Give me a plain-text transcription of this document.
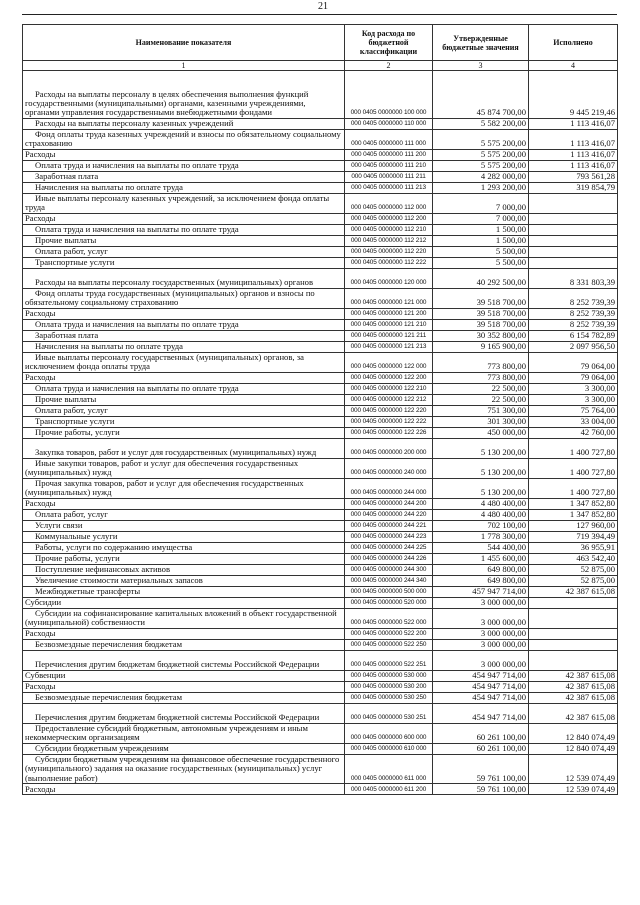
21
Наименование показателя	Код расхода по бюджетной классификации	Утвержденные бюджетные значения	Исполнено
1	2	3	4
Расходы на выплаты персоналу в целях обеспечения выполнения функций государственными (муниципальными) органами, казенными учреждениями, органами управления государственными внебюджетными фондами	000 0405 0000000 100 000	45 874 700,00	9 445 219,46
Расходы на выплаты персоналу казенных учреждений	000 0405 0000000 110 000	5 582 200,00	1 113 416,07
Фонд оплаты труда казенных учреждений и взносы по обязательному социальному страхованию	000 0405 0000000 111 000	5 575 200,00	1 113 416,07
Расходы	000 0405 0000000 111 200	5 575 200,00	1 113 416,07
Оплата труда и начисления на выплаты по оплате труда	000 0405 0000000 111 210	5 575 200,00	1 113 416,07
Заработная плата	000 0405 0000000 111 211	4 282 000,00	793 561,28
Начисления на выплаты по оплате труда	000 0405 0000000 111 213	1 293 200,00	319 854,79
Иные выплаты персоналу казенных учреждений, за исключением фонда оплаты труда	000 0405 0000000 112 000	7 000,00	
Расходы	000 0405 0000000 112 200	7 000,00	
Оплата труда и начисления на выплаты по оплате труда	000 0405 0000000 112 210	1 500,00	
Прочие выплаты	000 0405 0000000 112 212	1 500,00	
Оплата работ, услуг	000 0405 0000000 112 220	5 500,00	
Транспортные услуги	000 0405 0000000 112 222	5 500,00	
Расходы на выплаты персоналу государственных (муниципальных) органов	000 0405 0000000 120 000	40 292 500,00	8 331 803,39
Фонд оплаты труда государственных (муниципальных) органов и взносы по обязательному социальному страхованию	000 0405 0000000 121 000	39 518 700,00	8 252 739,39
Расходы	000 0405 0000000 121 200	39 518 700,00	8 252 739,39
Оплата труда и начисления на выплаты по оплате труда	000 0405 0000000 121 210	39 518 700,00	8 252 739,39
Заработная плата	000 0405 0000000 121 211	30 352 800,00	6 154 782,89
Начисления на выплаты по оплате труда	000 0405 0000000 121 213	9 165 900,00	2 097 956,50
Иные выплаты персоналу государственных (муниципальных) органов, за исключением фонда оплаты труда	000 0405 0000000 122 000	773 800,00	79 064,00
Расходы	000 0405 0000000 122 200	773 800,00	79 064,00
Оплата труда и начисления на выплаты по оплате труда	000 0405 0000000 122 210	22 500,00	3 300,00
Прочие выплаты	000 0405 0000000 122 212	22 500,00	3 300,00
Оплата работ, услуг	000 0405 0000000 122 220	751 300,00	75 764,00
Транспортные услуги	000 0405 0000000 122 222	301 300,00	33 004,00
Прочие работы, услуги	000 0405 0000000 122 226	450 000,00	42 760,00
Закупка товаров, работ и услуг для государственных (муниципальных) нужд	000 0405 0000000 200 000	5 130 200,00	1 400 727,80
Иные закупки товаров, работ и услуг для обеспечения государственных (муниципальных) нужд	000 0405 0000000 240 000	5 130 200,00	1 400 727,80
Прочая закупка товаров, работ и услуг для обеспечения государственных (муниципальных) нужд	000 0405 0000000 244 000	5 130 200,00	1 400 727,80
Расходы	000 0405 0000000 244 200	4 480 400,00	1 347 852,80
Оплата работ, услуг	000 0405 0000000 244 220	4 480 400,00	1 347 852,80
Услуги связи	000 0405 0000000 244 221	702 100,00	127 960,00
Коммунальные услуги	000 0405 0000000 244 223	1 778 300,00	719 394,49
Работы, услуги по содержанию имущества	000 0405 0000000 244 225	544 400,00	36 955,91
Прочие работы, услуги	000 0405 0000000 244 226	1 455 600,00	463 542,40
Поступление нефинансовых активов	000 0405 0000000 244 300	649 800,00	52 875,00
Увеличение стоимости материальных запасов	000 0405 0000000 244 340	649 800,00	52 875,00
Межбюджетные трансферты	000 0405 0000000 500 000	457 947 714,00	42 387 615,08
Субсидии	000 0405 0000000 520 000	3 000 000,00	
Субсидии на софинансирование капитальных вложений в объект государственной (муниципальной) собственности	000 0405 0000000 522 000	3 000 000,00	
Расходы	000 0405 0000000 522 200	3 000 000,00	
Безвозмездные перечисления бюджетам	000 0405 0000000 522 250	3 000 000,00	
Перечисления другим бюджетам бюджетной системы Российской Федерации	000 0405 0000000 522 251	3 000 000,00	
Субвенции	000 0405 0000000 530 000	454 947 714,00	42 387 615,08
Расходы	000 0405 0000000 530 200	454 947 714,00	42 387 615,08
Безвозмездные перечисления бюджетам	000 0405 0000000 530 250	454 947 714,00	42 387 615,08
Перечисления другим бюджетам бюджетной системы Российской Федерации	000 0405 0000000 530 251	454 947 714,00	42 387 615,08
Предоставление субсидий бюджетным, автономным учреждениям и иным некоммерческим организациям	000 0405 0000000 600 000	60 261 100,00	12 840 074,49
Субсидии бюджетным учреждениям	000 0405 0000000 610 000	60 261 100,00	12 840 074,49
Субсидии бюджетным учреждениям на финансовое обеспечение государственного (муниципального) задания на оказание государственных (муниципальных) услуг (выполнение работ)	000 0405 0000000 611 000	59 761 100,00	12 539 074,49
Расходы	000 0405 0000000 611 200	59 761 100,00	12 539 074,49
